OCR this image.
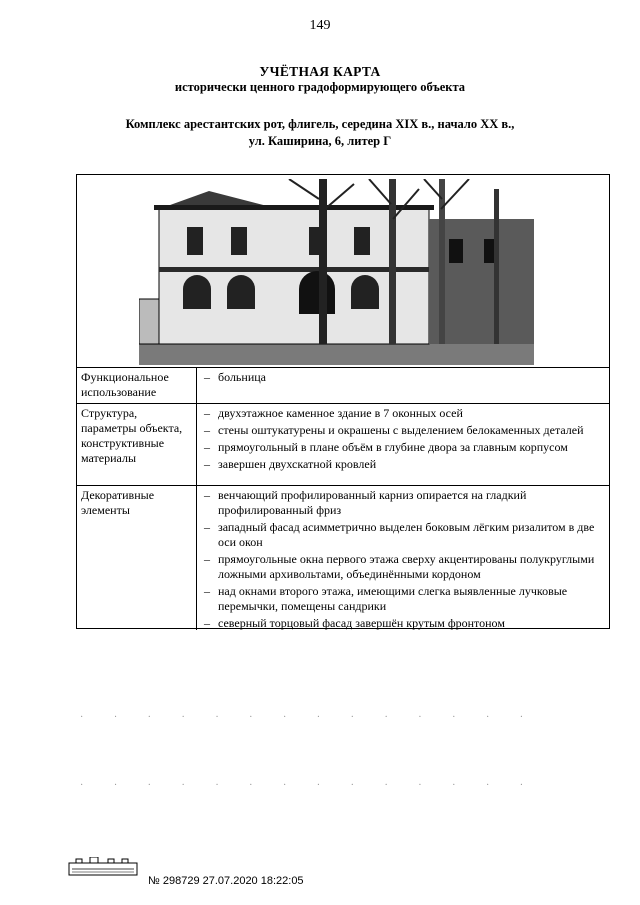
149
УЧЁТНАЯ КАРТА
исторически ценного градоформирующего объекта
Комплекс арестантских рот, флигель, середина XIX в., начало XX в.,
ул. Каширина, 6, литер Г
Функциональное использование
– больница
Структура, параметры объекта, конструктивные материалы
– двухэтажное каменное здание в 7 оконных осей
– стены оштукатурены и окрашены с выделением белокаменных деталей
– прямоугольный в плане объём в глубине двора за главным корпусом
– завершен двухскатной кровлей
Декоративные элементы
– венчающий профилированный карниз опирается на гладкий профилированный фриз
– западный фасад асимметрично выделен боковым лёгким ризалитом в две оси окон
– прямоугольные окна первого этажа сверху акцентированы полукруглыми ложными архивольтами, объединёнными кордоном
– над окнами второго этажа, имеющими слегка выявленные лучковые перемычки, помещены сандрики
– северный торцовый фасад завершён крутым фронтоном
· · · · · · · · · · · · · ·
· · · · · · · · · · · · · ·
№ 298729 27.07.2020 18:22:05
